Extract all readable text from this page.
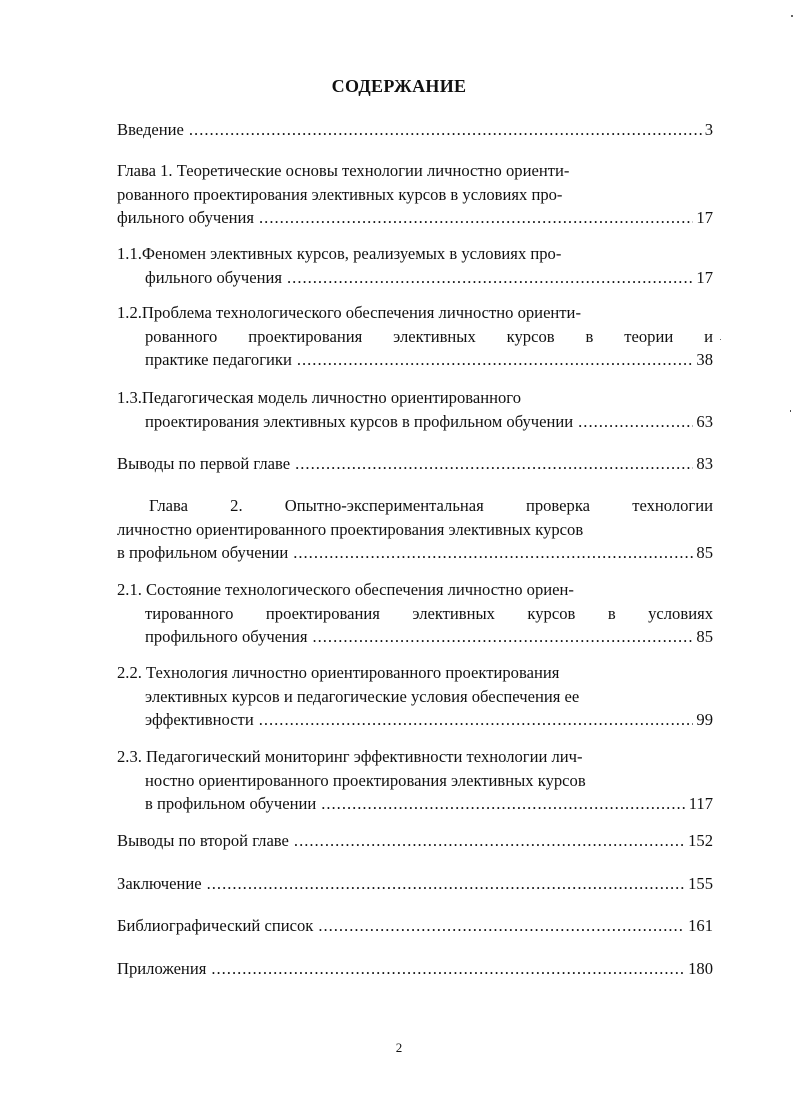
СОДЕРЖАНИЕ
Введение .....	3
Глава 1. Теоретические основы технологии личностно ориенти-
рованного проектирования элективных курсов в условиях про-
фильного обучения .....	17
1.1.Феномен элективных курсов, реализуемых в условиях про-
фильного обучения .....	17
1.2.Проблема технологического обеспечения личностно ориенти-
рованного проектирования элективных курсов в теории и
практике педагогики .....	38
1.3.Педагогическая модель личностно ориентированного
проектирования элективных курсов в профильном обучении .....	63
Выводы по первой главе .....	83
Глава 2. Опытно-экспериментальная проверка технологии
личностно ориентированного проектирования элективных курсов
в профильном обучении .....	85
2.1. Состояние технологического обеспечения личностно ориен-
тированного проектирования элективных курсов в условиях
профильного обучения .....	85
2.2. Технология личностно ориентированного проектирования
элективных курсов и педагогические условия обеспечения ее
эффективности .....	99
2.3. Педагогический мониторинг эффективности технологии лич-
ностно ориентированного проектирования элективных курсов
в профильном обучении .....	117
Выводы по второй главе .....	152
Заключение .....	155
Библиографический список .....	161
Приложения .....	180
2
